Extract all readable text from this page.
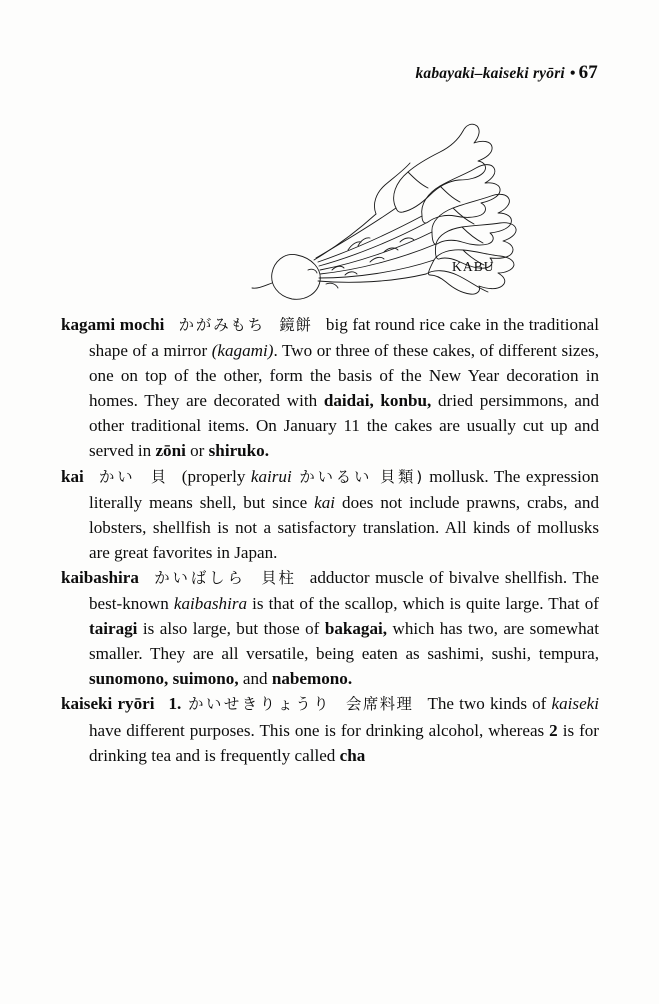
kabayaki–kaiseki ryōri • 67
KABU

kagami mochi かがみもち 鏡餅 big fat round rice cake in the traditional shape of a mirror (kagami). Two or three of these cakes, of different sizes, one on top of the other, form the basis of the New Year decoration in homes. They are decorated with daidai, konbu, dried persimmons, and other traditional items. On January 11 the cakes are usually cut up and served in zōni or shiruko.

kai かい 貝 (properly kairui かいるい 貝類) mollusk. The expression literally means shell, but since kai does not include prawns, crabs, and lobsters, shellfish is not a satisfactory translation. All kinds of mollusks are great favorites in Japan.

kaibashira かいばしら 貝柱 adductor muscle of bivalve shellfish. The best-known kaibashira is that of the scallop, which is quite large. That of tairagi is also large, but those of bakagai, which has two, are somewhat smaller. They are all versatile, being eaten as sashimi, sushi, tempura, sunomono, suimono, and nabemono.

kaiseki ryōri 1. かいせきりょうり 会席料理 The two kinds of kaiseki have different purposes. This one is for drinking alcohol, whereas 2 is for drinking tea and is frequently called cha
